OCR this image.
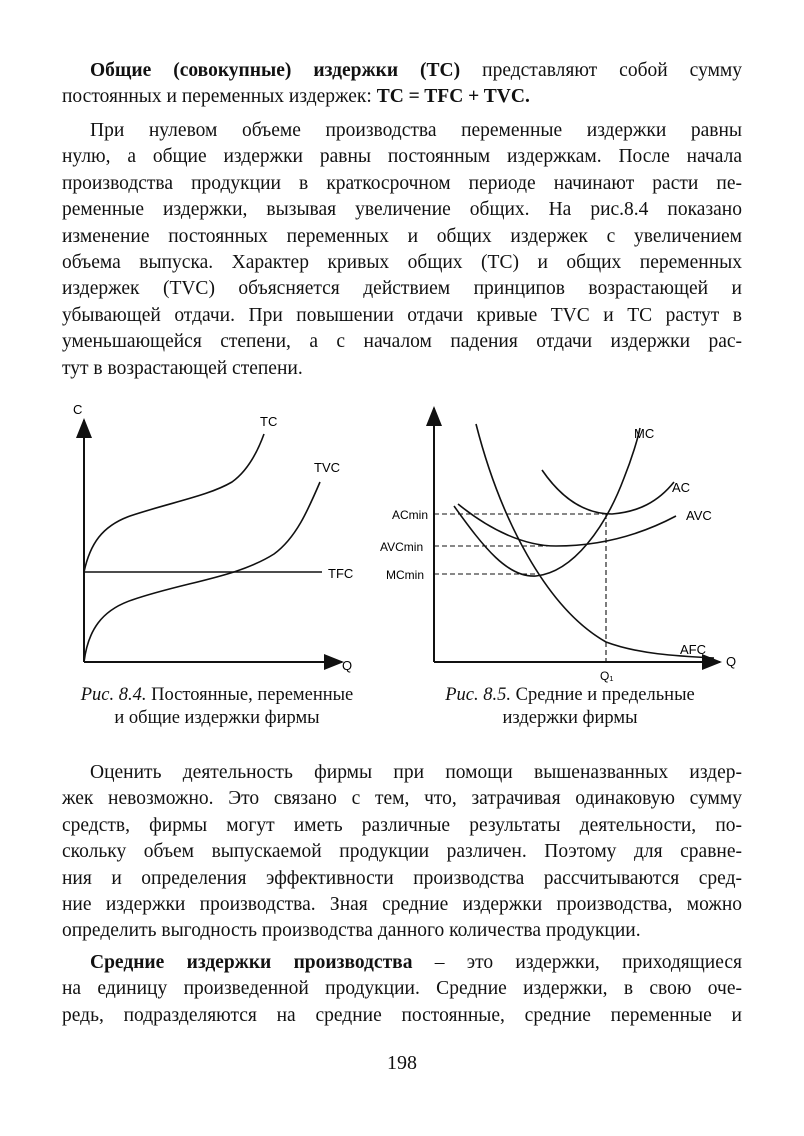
Общие (совокупные) издержки (TC) представляют собой сумму
постоянных и переменных издержек: TC = TFC + TVC.
При нулевом объеме производства переменные издержки равны
нулю, а общие издержки равны постоянным издержкам. После начала
производства продукции в краткосрочном периоде начинают расти пе-
ременные издержки, вызывая увеличение общих. На рис.8.4 показано
изменение постоянных переменных и общих издержек с увеличением
объема выпуска. Характер кривых общих (TC) и общих переменных
издержек (TVC) объясняется действием принципов возрастающей и
убывающей отдачи. При повышении отдачи кривые TVC и TC растут в
уменьшающейся степени, а с началом падения отдачи издержки рас-
тут в возрастающей степени.
C
Q
TFC
TC
TVC
Рис. 8.4. Постоянные, переменные
и общие издержки фирмы
Q
ACmin
AVCmin
MCmin
Q₁
AFC
MC
AC
AVC
Рис. 8.5. Средние и предельные
издержки фирмы
Оценить деятельность фирмы при помощи вышеназванных издер-
жек невозможно. Это связано с тем, что, затрачивая одинаковую сумму
средств, фирмы могут иметь различные результаты деятельности, по-
скольку объем выпускаемой продукции различен. Поэтому для сравне-
ния и определения эффективности производства рассчитываются сред-
ние издержки производства. Зная средние издержки производства, можно
определить выгодность производства данного количества продукции.
Средние издержки производства – это издержки, приходящиеся
на единицу произведенной продукции. Средние издержки, в свою оче-
редь, подразделяются на средние постоянные, средние переменные и
198
